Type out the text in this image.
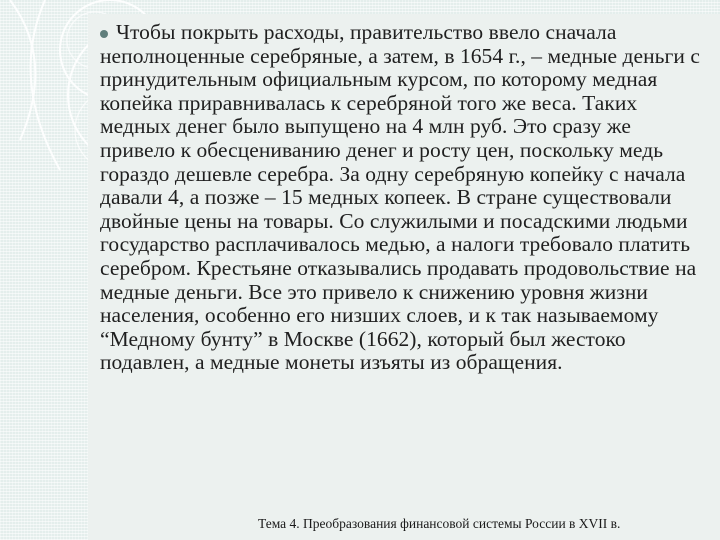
Чтобы покрыть расходы, правительство ввело сначала неполноценные серебряные, а затем, в 1654 г., – медные деньги с принудительным официальным курсом, по которому медная копейка приравнивалась к серебряной того же веса. Таких медных денег было выпущено на 4 млн руб. Это сразу же привело к обесцениванию денег и росту цен, поскольку медь гораздо дешевле серебра. За одну серебряную копейку с начала давали 4, а позже – 15 медных копеек. В стране существовали двойные цены на товары. Со служилыми и посадскими людьми государство расплачивалось медью, а налоги требовало платить серебром. Крестьяне отказывались продавать продовольствие на медные деньги. Все это привело к снижению уровня жизни населения, особенно его низших слоев, и к так называемому “Медному бунту” в Москве (1662), который был жестоко подавлен, а медные монеты изъяты из обращения.

Тема 4. Преобразования финансовой системы России в XVII в.
